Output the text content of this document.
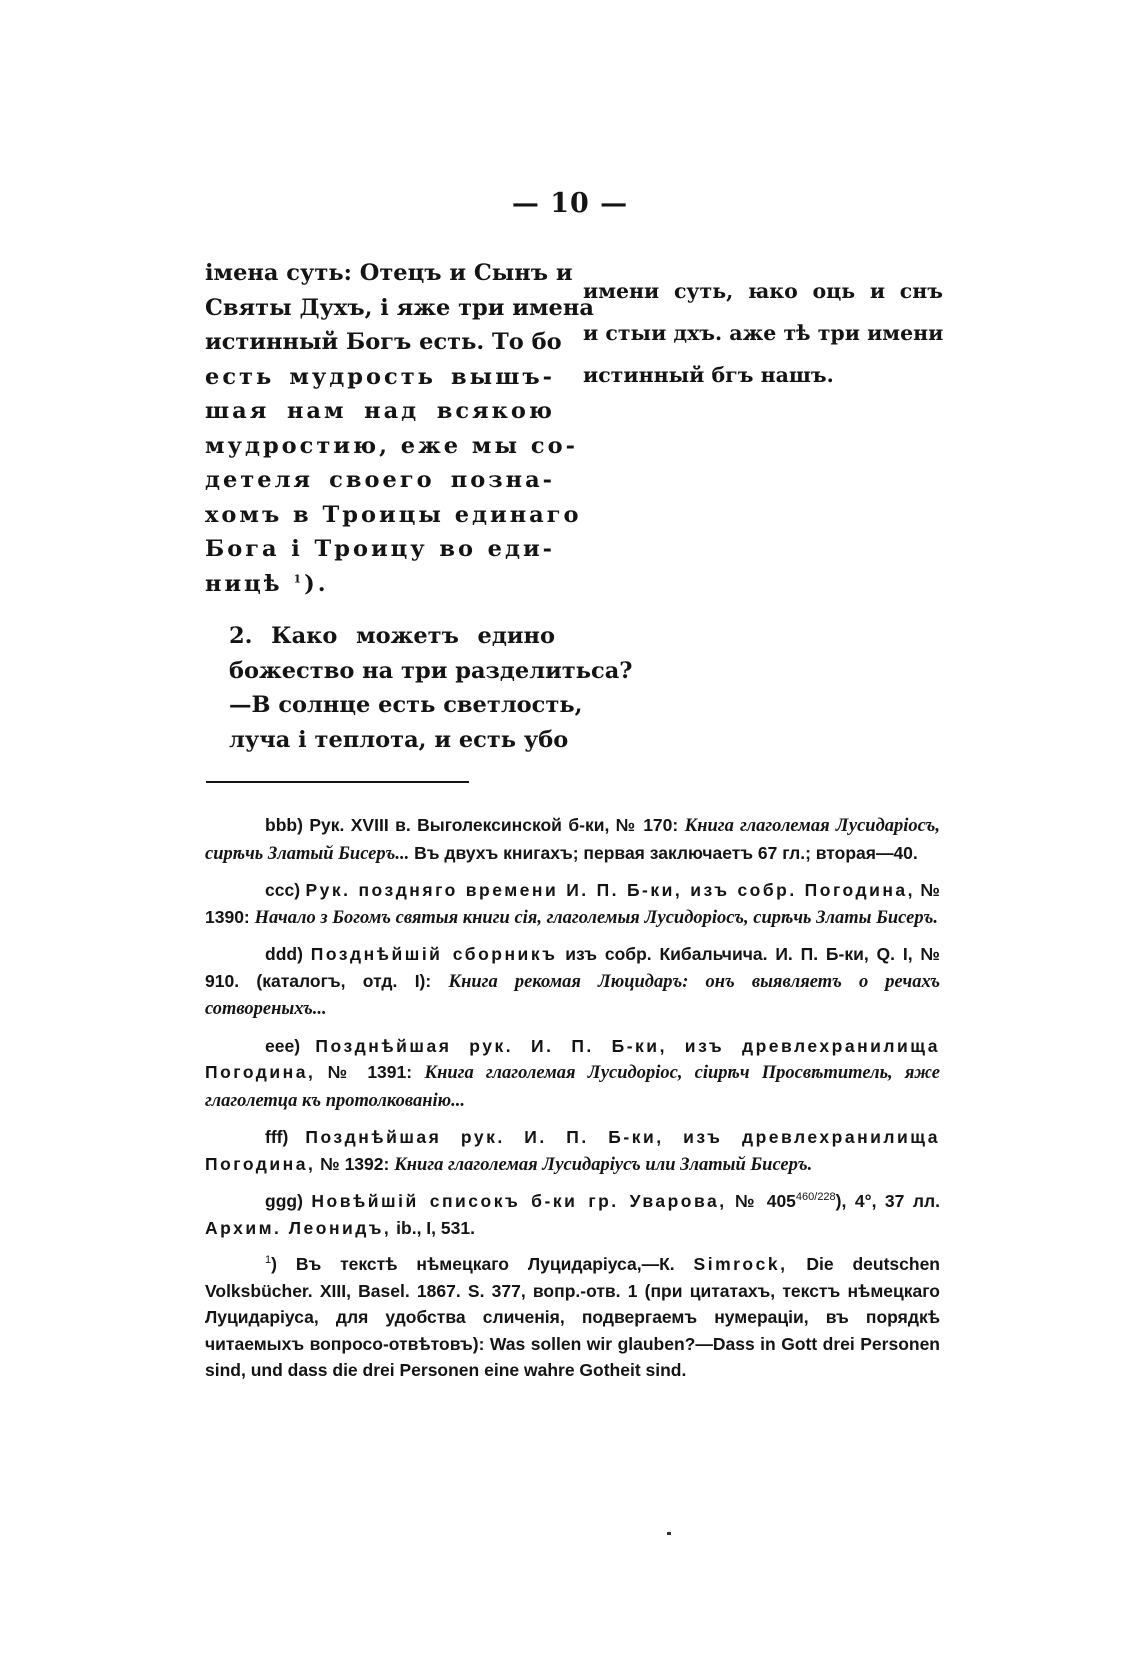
— 10 —

імена суть: Отецъ и Сынъ и
Святы Духъ, і яже три имена
истинный Богъ есть. То бо
есть мудрость вышъ-
шая нам над всякою
мудростию, еже мы со-
детеля своего позна-
хомъ в Троицы единаго
Бога і Троицу во еди-
ницѣ $^1$).

2. Како можетъ едино
божество на три разделитьса?
—В солнце есть светлость,
луча і теплота, и есть убо

имени суть, ꙗко оць и снъ
и стыи дхъ. аже тѣ три имени
истинный бгъ нашъ.

bbb) Рук. XVIII в. Выголексинской б-ки, № 170: Книга глаголемая Лусидаріосъ, сирѣчь Златый Бисеръ... Въ двухъ книгахъ; первая заключаетъ 67 гл.; вторая—40.

ccc) Рук. поздняго времени И. П. Б-ки, изъ собр. Погодина, № 1390: Начало з Богомъ святыя книги сія, глаголемыя Лусидоріосъ, сирѣчь Златы Бисеръ.

ddd) Позднѣйшій сборникъ изъ собр. Кибальчича. И. П. Б-ки, Q. I, № 910. (каталогъ, отд. I): Книга рекомая Люцидаръ: онъ выявляетъ о речахъ сотвореныхъ...

eee) Позднѣйшая рук. И. П. Б-ки, изъ древлехранилища Погодина, № 1391: Книга глаголемая Лусидоріос, сіирѣч Просвѣтитель, яже глаголетца къ протолкованію...

fff) Позднѣйшая рук. И. П. Б-ки, изъ древлехранилища Погодина, № 1392: Книга глаголемая Лусидаріусъ или Златый Бисеръ.

ggg) Новѣйшій списокъ б-ки гр. Уварова, № $405^{460/228}$), 4°, 37 лл. Архим. Леонидъ, ib., I, 531.

$^1$) Въ текстѣ нѣмецкаго Луцидаріуса,—К. Simrock, Die deutschen Volksbücher. XIII, Basel. 1867. S. 377, вопр.-отв. 1 (при цитатахъ, текстъ нѣмецкаго Луцидаріуса, для удобства сличенія, подвергаемъ нумераціи, въ порядкѣ читаемыхъ вопросо-отвѣтовъ): Was sollen wir glauben?—Dass in Gott drei Personen sind, und dass die drei Personen eine wahre Gotheit sind.
